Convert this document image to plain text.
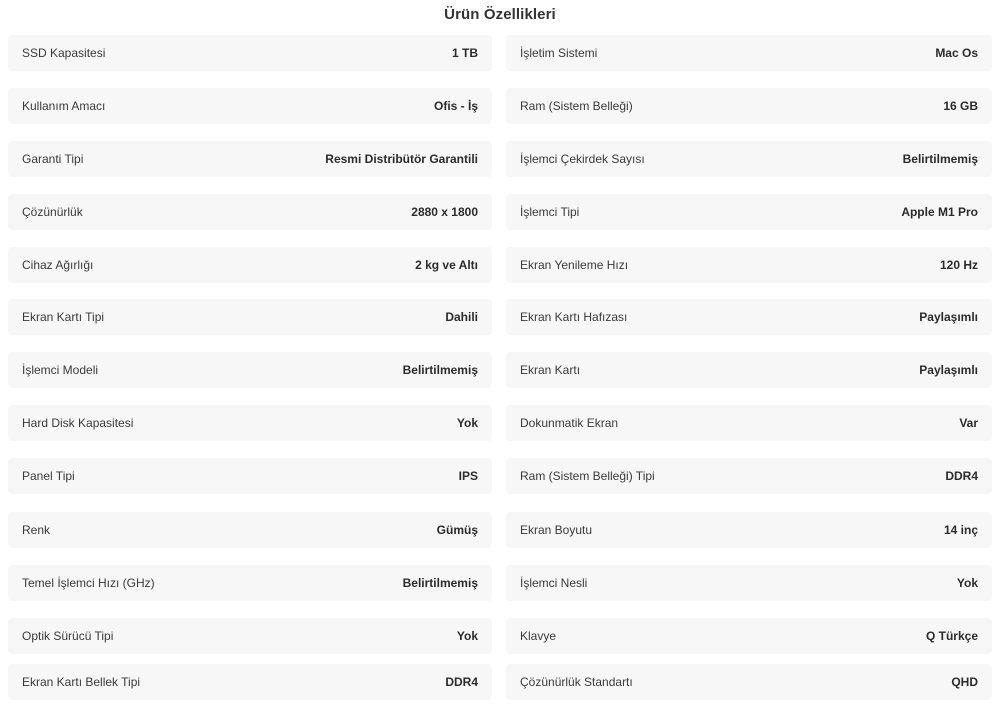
Ürün Özellikleri
SSD Kapasitesi	1 TB
Kullanım Amacı	Ofis - İş
Garanti Tipi	Resmi Distribütör Garantili
Çözünürlük	2880 x 1800
Cihaz Ağırlığı	2 kg ve Altı
Ekran Kartı Tipi	Dahili
İşlemci Modeli	Belirtilmemiş
Hard Disk Kapasitesi	Yok
Panel Tipi	IPS
Renk	Gümüş
Temel İşlemci Hızı (GHz)	Belirtilmemiş
Optik Sürücü Tipi	Yok
Ekran Kartı Bellek Tipi	DDR4
İşletim Sistemi	Mac Os
Ram (Sistem Belleği)	16 GB
İşlemci Çekirdek Sayısı	Belirtilmemiş
İşlemci Tipi	Apple M1 Pro
Ekran Yenileme Hızı	120 Hz
Ekran Kartı Hafızası	Paylaşımlı
Ekran Kartı	Paylaşımlı
Dokunmatik Ekran	Var
Ram (Sistem Belleği) Tipi	DDR4
Ekran Boyutu	14 inç
İşlemci Nesli	Yok
Klavye	Q Türkçe
Çözünürlük Standartı	QHD
